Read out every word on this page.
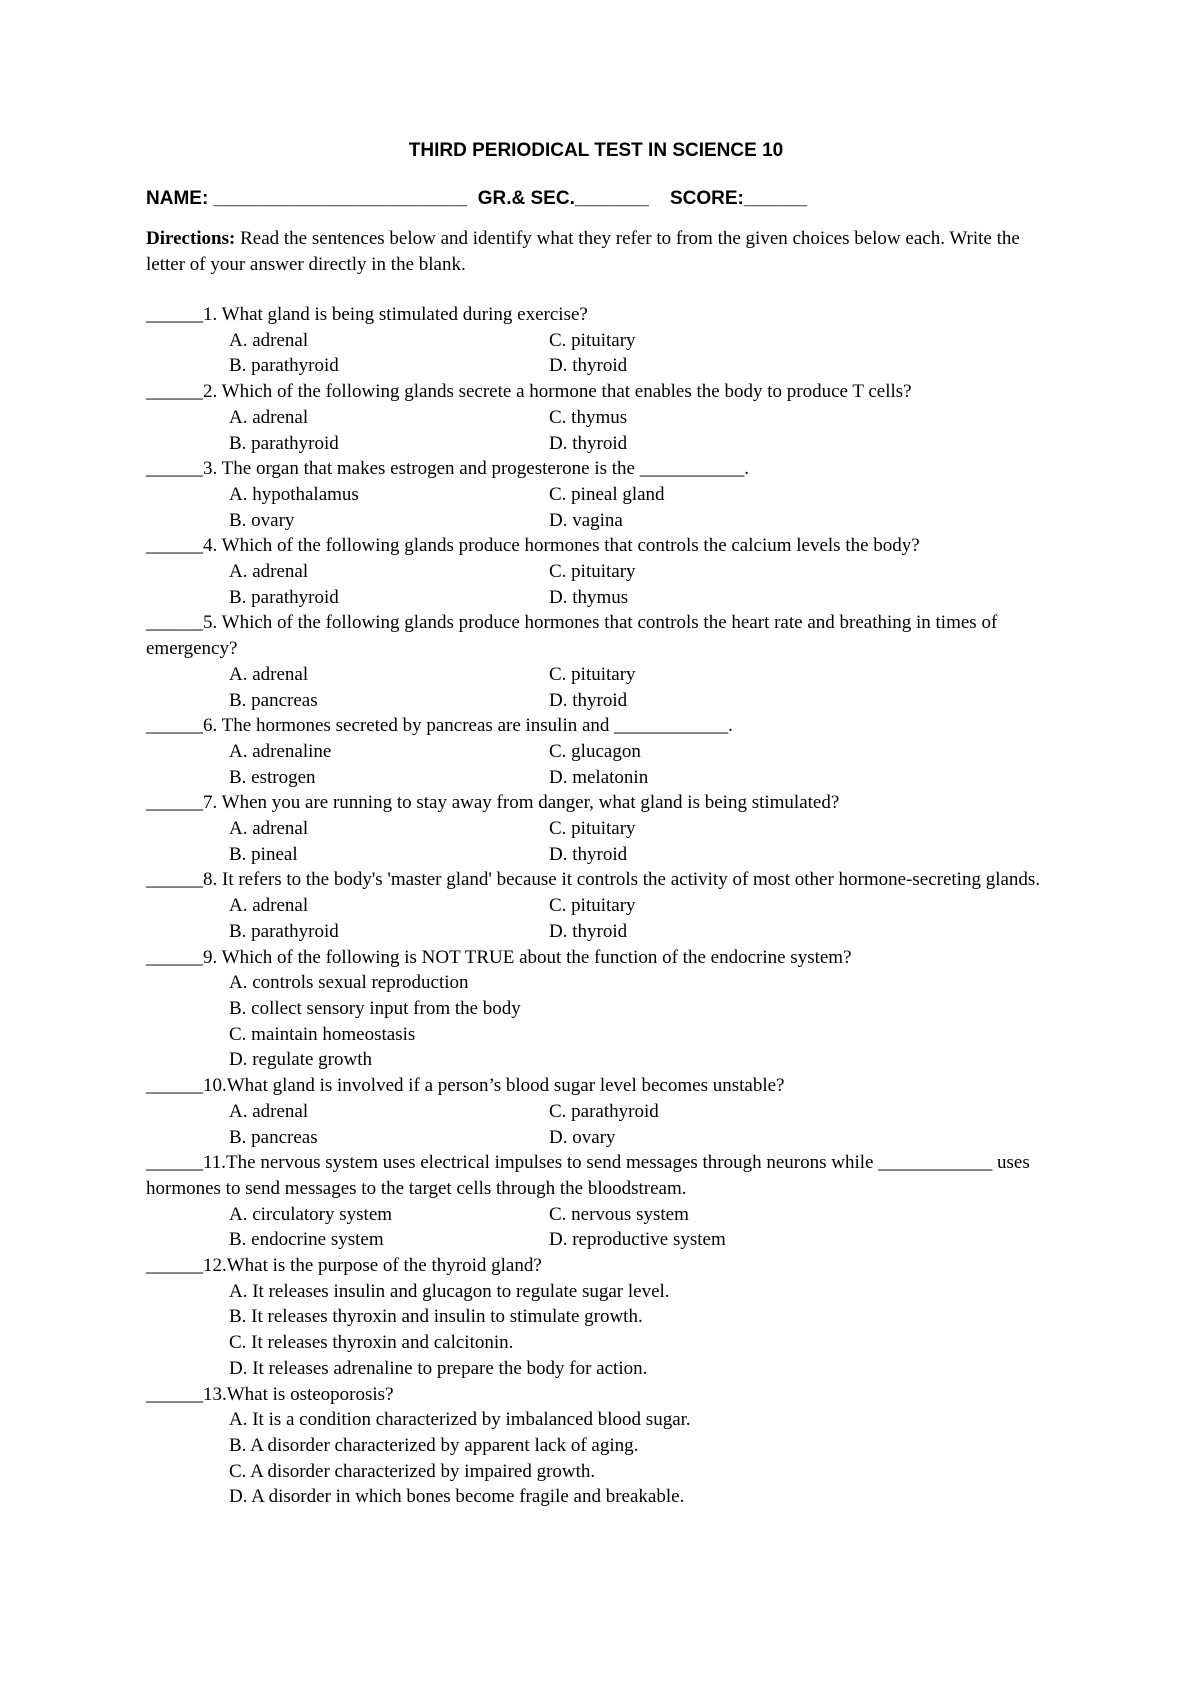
THIRD PERIODICAL TEST IN SCIENCE 10
NAME: ________________________ GR.& SEC._______ SCORE:______
Directions: Read the sentences below and identify what they refer to from the given choices below each. Write the letter of your answer directly in the blank.
______1. What gland is being stimulated during exercise?
A. adrenal	C. pituitary
B. parathyroid	D. thyroid
______2. Which of the following glands secrete a hormone that enables the body to produce T cells?
A. adrenal	C. thymus
B. parathyroid	D. thyroid
______3. The organ that makes estrogen and progesterone is the ___________.
A. hypothalamus	C. pineal gland
B. ovary	D. vagina
______4. Which of the following glands produce hormones that controls the calcium levels the body?
A. adrenal	C. pituitary
B. parathyroid	D. thymus
______5. Which of the following glands produce hormones that controls the heart rate and breathing in times of emergency?
A. adrenal	C. pituitary
B. pancreas	D. thyroid
______6. The hormones secreted by pancreas are insulin and ____________.
A. adrenaline	C. glucagon
B. estrogen	D. melatonin
______7. When you are running to stay away from danger, what gland is being stimulated?
A. adrenal	C. pituitary
B. pineal	D. thyroid
______8. It refers to the body's 'master gland' because it controls the activity of most other hormone-secreting glands.
A. adrenal	C. pituitary
B. parathyroid	D. thyroid
______9. Which of the following is NOT TRUE about the function of the endocrine system?
A. controls sexual reproduction
B. collect sensory input from the body
C. maintain homeostasis
D. regulate growth
______10.What gland is involved if a person’s blood sugar level becomes unstable?
A. adrenal	C. parathyroid
B. pancreas	D. ovary
______11.The nervous system uses electrical impulses to send messages through neurons while ____________ uses hormones to send messages to the target cells through the bloodstream.
A. circulatory system	C. nervous system
B. endocrine system	D. reproductive system
______12.What is the purpose of the thyroid gland?
A. It releases insulin and glucagon to regulate sugar level.
B. It releases thyroxin and insulin to stimulate growth.
C. It releases thyroxin and calcitonin.
D. It releases adrenaline to prepare the body for action.
______13.What is osteoporosis?
A. It is a condition characterized by imbalanced blood sugar.
B. A disorder characterized by apparent lack of aging.
C. A disorder characterized by impaired growth.
D. A disorder in which bones become fragile and breakable.
